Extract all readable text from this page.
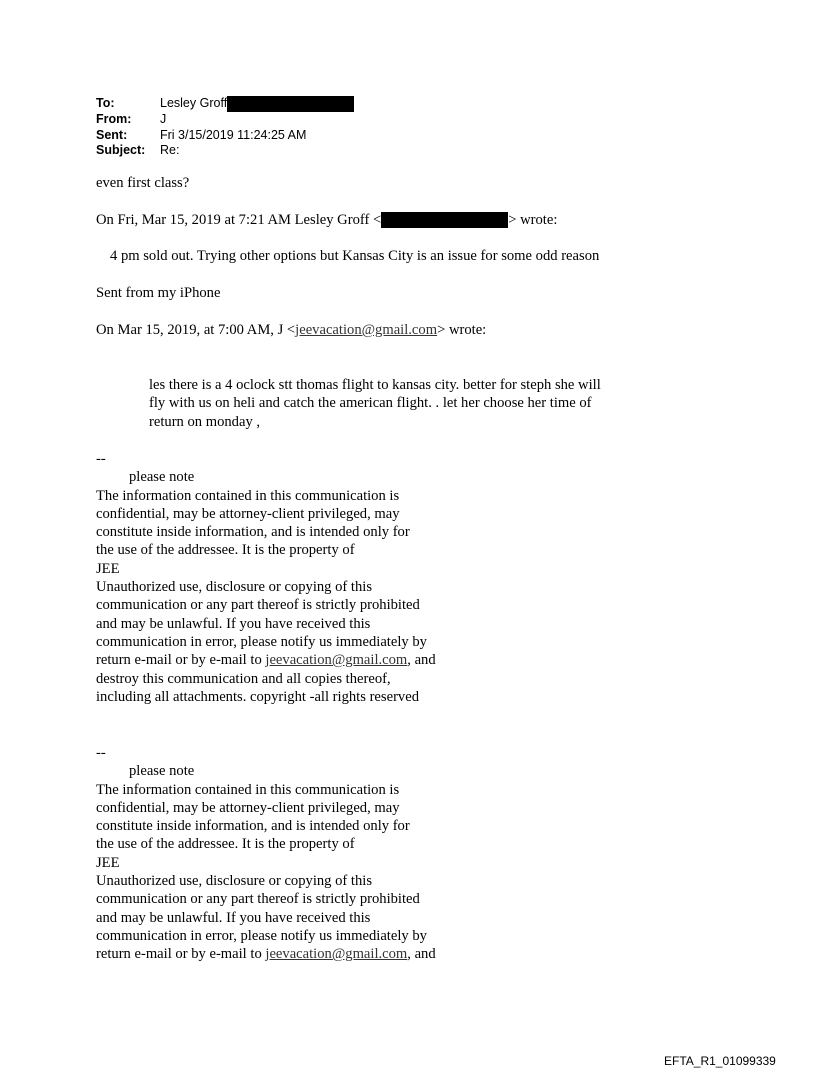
To:	Lesley Groff
From:	J
Sent:	Fri 3/15/2019 11:24:25 AM
Subject:	Re:
even first class?
On Fri, Mar 15, 2019 at 7:21 AM Lesley Groff <	> wrote:
4 pm sold out. Trying other options but Kansas City is an issue for some odd reason
Sent from my iPhone
On Mar 15, 2019, at 7:00 AM, J <jeevacation@gmail.com> wrote:
les there is a 4 oclock stt thomas flight to kansas city. better for steph she will
fly with us on heli and catch the american flight. . let her choose her time of
return on monday ,
--
please note
The information contained in this communication is
confidential, may be attorney-client privileged, may
constitute inside information, and is intended only for
the use of the addressee. It is the property of
JEE
Unauthorized use, disclosure or copying of this
communication or any part thereof is strictly prohibited
and may be unlawful. If you have received this
communication in error, please notify us immediately by
return e-mail or by e-mail to jeevacation@gmail.com, and
destroy this communication and all copies thereof,
including all attachments. copyright -all rights reserved
--
please note
The information contained in this communication is
confidential, may be attorney-client privileged, may
constitute inside information, and is intended only for
the use of the addressee. It is the property of
JEE
Unauthorized use, disclosure or copying of this
communication or any part thereof is strictly prohibited
and may be unlawful. If you have received this
communication in error, please notify us immediately by
return e-mail or by e-mail to jeevacation@gmail.com, and
EFTA_R1_01099339
